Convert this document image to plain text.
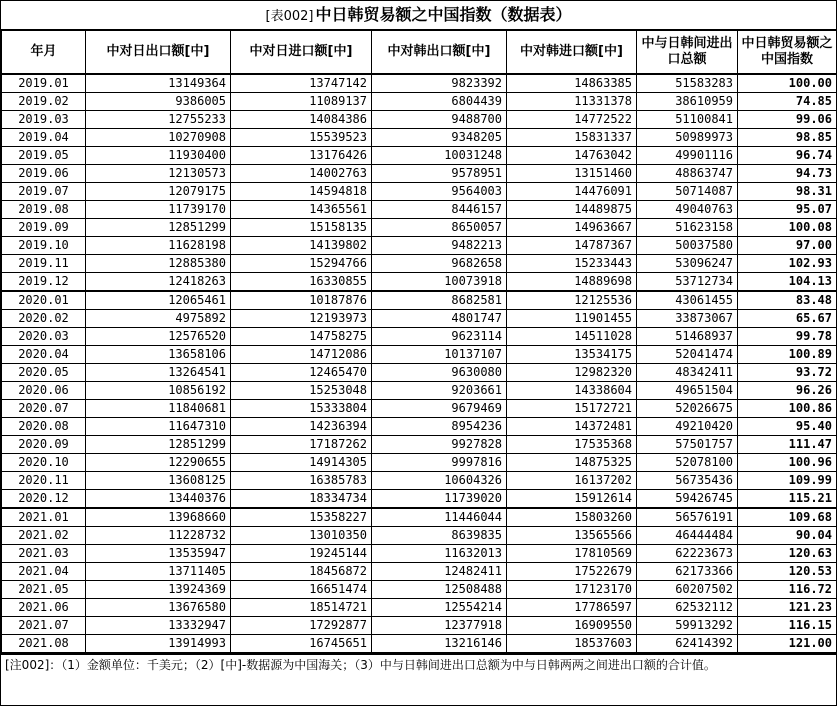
[表002] 中日韩贸易额之中国指数（数据表）
年月	中对日出口额[中]	中对日进口额[中]	中对韩出口额[中]	中对韩进口额[中]	中与日韩间进出口总额	中日韩贸易额之中国指数
2019.01	13149364	13747142	9823392	14863385	51583283	100.00
2019.02	9386005	11089137	6804439	11331378	38610959	74.85
2019.03	12755233	14084386	9488700	14772522	51100841	99.06
2019.04	10270908	15539523	9348205	15831337	50989973	98.85
2019.05	11930400	13176426	10031248	14763042	49901116	96.74
2019.06	12130573	14002763	9578951	13151460	48863747	94.73
2019.07	12079175	14594818	9564003	14476091	50714087	98.31
2019.08	11739170	14365561	8446157	14489875	49040763	95.07
2019.09	12851299	15158135	8650057	14963667	51623158	100.08
2019.10	11628198	14139802	9482213	14787367	50037580	97.00
2019.11	12885380	15294766	9682658	15233443	53096247	102.93
2019.12	12418263	16330855	10073918	14889698	53712734	104.13
2020.01	12065461	10187876	8682581	12125536	43061455	83.48
2020.02	4975892	12193973	4801747	11901455	33873067	65.67
2020.03	12576520	14758275	9623114	14511028	51468937	99.78
2020.04	13658106	14712086	10137107	13534175	52041474	100.89
2020.05	13264541	12465470	9630080	12982320	48342411	93.72
2020.06	10856192	15253048	9203661	14338604	49651504	96.26
2020.07	11840681	15333804	9679469	15172721	52026675	100.86
2020.08	11647310	14236394	8954236	14372481	49210420	95.40
2020.09	12851299	17187262	9927828	17535368	57501757	111.47
2020.10	12290655	14914305	9997816	14875325	52078100	100.96
2020.11	13608125	16385783	10604326	16137202	56735436	109.99
2020.12	13440376	18334734	11739020	15912614	59426745	115.21
2021.01	13968660	15358227	11446044	15803260	56576191	109.68
2021.02	11228732	13010350	8639835	13565566	46444484	90.04
2021.03	13535947	19245144	11632013	17810569	62223673	120.63
2021.04	13711405	18456872	12482411	17522679	62173366	120.53
2021.05	13924369	16651474	12508488	17123170	60207502	116.72
2021.06	13676580	18514721	12554214	17786597	62532112	121.23
2021.07	13332947	17292877	12377918	16909550	59913292	116.15
2021.08	13914993	16745651	13216146	18537603	62414392	121.00
[注002]：（1）金额单位：千美元；（2）[中]-数据源为中国海关；（3）中与日韩间进出口总额为中与日韩两两之间进出口额的合计值。
